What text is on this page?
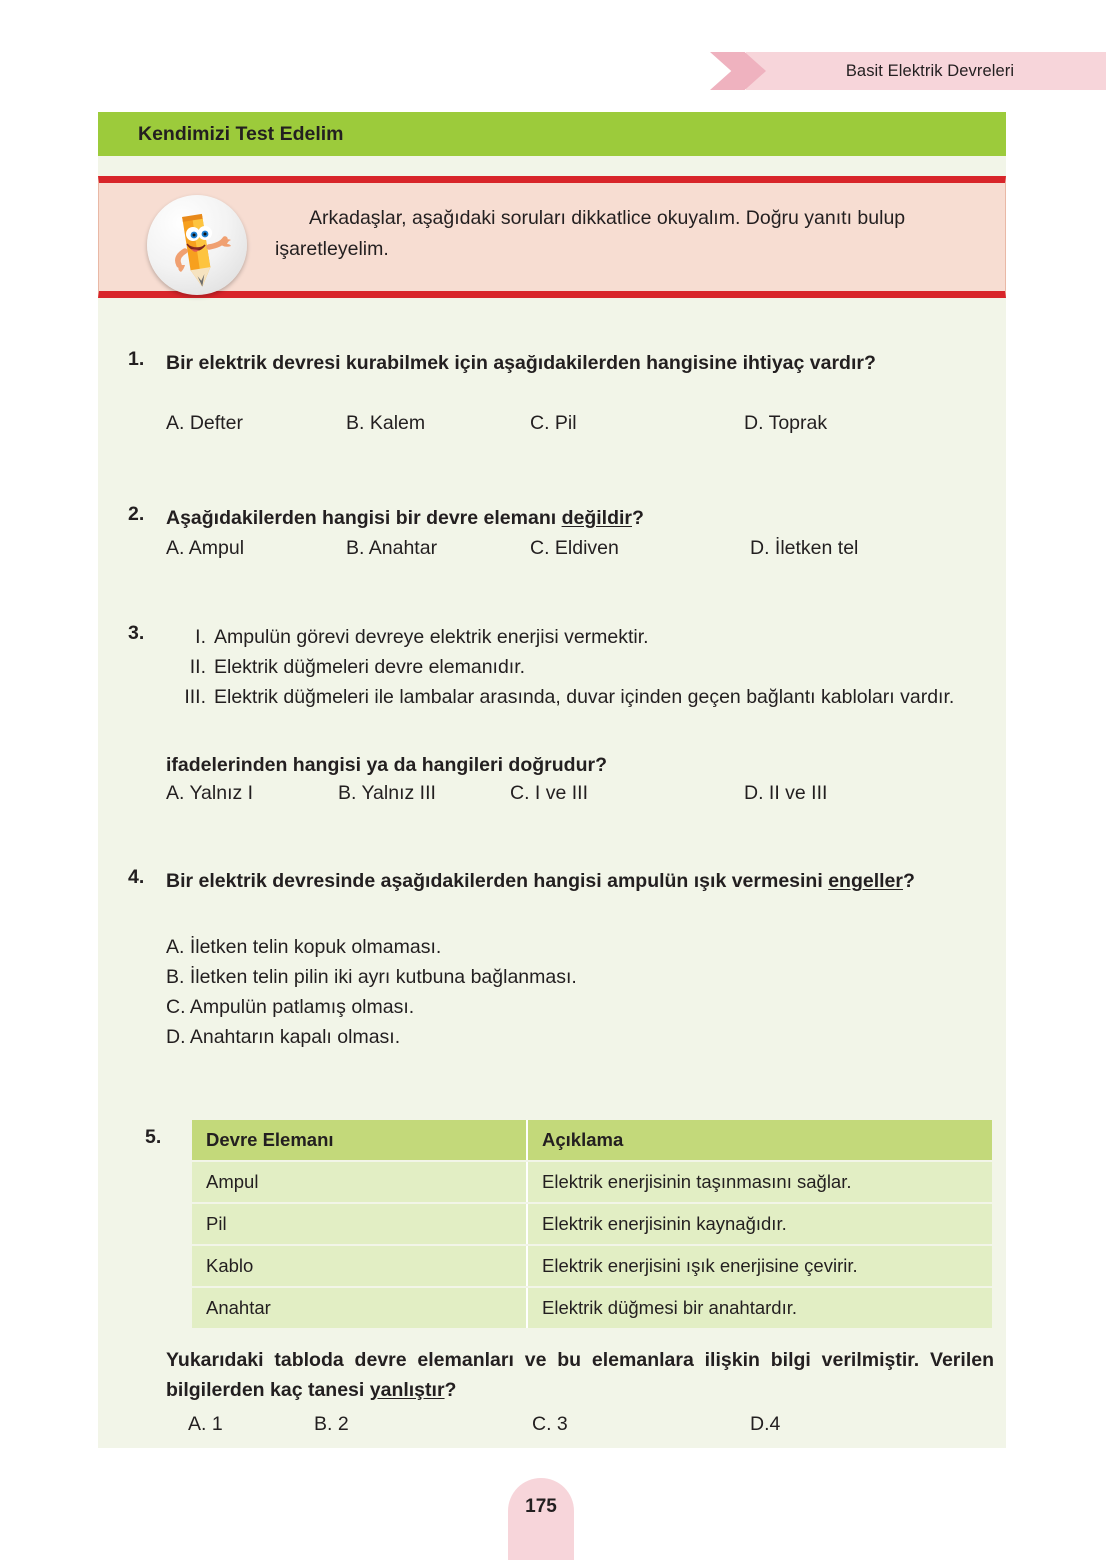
Basit Elektrik Devreleri
Kendimizi Test Edelim
Arkadaşlar, aşağıdaki soruları dikkatlice okuyalım. Doğru yanıtı bulup işaretleyelim.
1. Bir elektrik devresi kurabilmek için aşağıdakilerden hangisine ihtiyaç vardır?
A. Defter	B. Kalem	C. Pil	D. Toprak
2. Aşağıdakilerden hangisi bir devre elemanı değildir?
A. Ampul	B. Anahtar	C. Eldiven	D. İletken tel
3.	I. Ampulün görevi devreye elektrik enerjisi vermektir.
II. Elektrik düğmeleri devre elemanıdır.
III. Elektrik düğmeleri ile lambalar arasında, duvar içinden geçen bağlantı kabloları vardır.
ifadelerinden hangisi ya da hangileri doğrudur?
A. Yalnız I	B. Yalnız III	C. I ve III	D. II ve III
4. Bir elektrik devresinde aşağıdakilerden hangisi ampulün ışık vermesini engeller?
A. İletken telin kopuk olmaması.
B. İletken telin pilin iki ayrı kutbuna bağlanması.
C. Ampulün patlamış olması.
D. Anahtarın kapalı olması.
5. Devre Elemanı	Açıklama
Ampul	Elektrik enerjisinin taşınmasını sağlar.
Pil	Elektrik enerjisinin kaynağıdır.
Kablo	Elektrik enerjisini ışık enerjisine çevirir.
Anahtar	Elektrik düğmesi bir anahtardır.
Yukarıdaki tabloda devre elemanları ve bu elemanlara ilişkin bilgi verilmiştir. Verilen bilgilerden kaç tanesi yanlıştır?
A. 1	B. 2	C. 3	D.4
175
